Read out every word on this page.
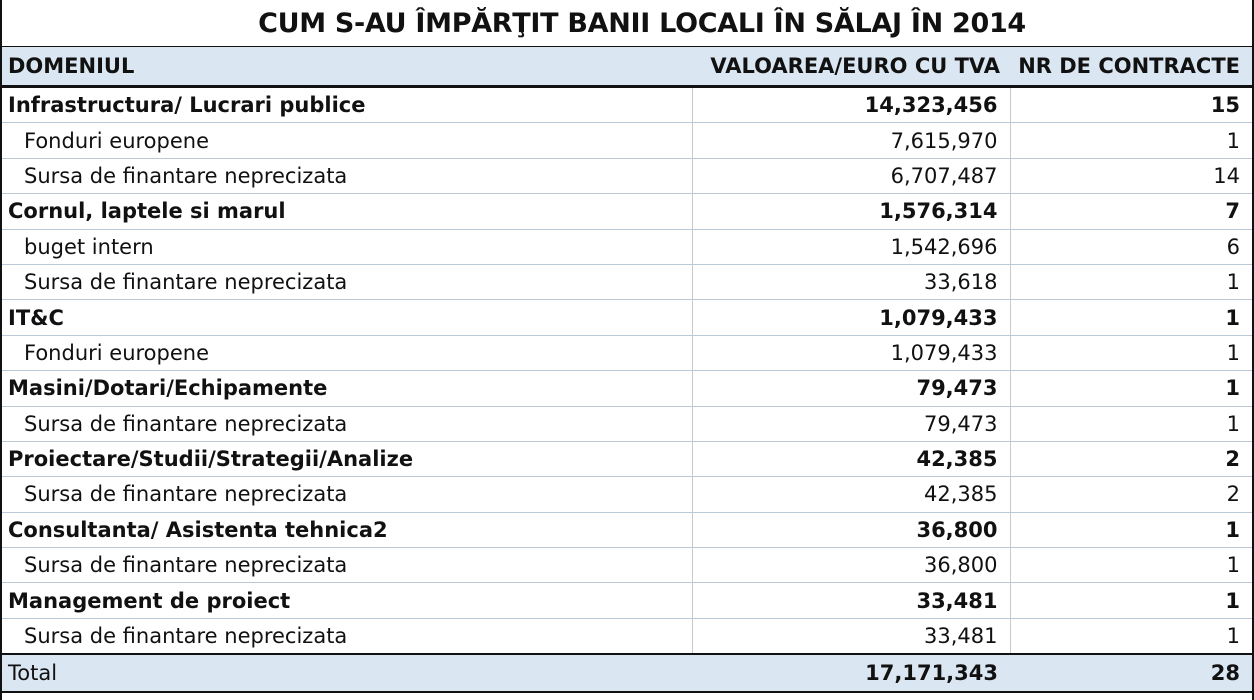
CUM S-AU ÎMPĂRŢIT BANII LOCALI ÎN SĂLAJ ÎN 2014
DOMENIUL	VALOAREA/EURO CU TVA	NR DE CONTRACTE
Infrastructura/ Lucrari publice	14,323,456	15
Fonduri europene	7,615,970	1
Sursa de finantare neprecizata	6,707,487	14
Cornul, laptele si marul	1,576,314	7
buget intern	1,542,696	6
Sursa de finantare neprecizata	33,618	1
IT&C	1,079,433	1
Fonduri europene	1,079,433	1
Masini/Dotari/Echipamente	79,473	1
Sursa de finantare neprecizata	79,473	1
Proiectare/Studii/Strategii/Analize	42,385	2
Sursa de finantare neprecizata	42,385	2
Consultanta/ Asistenta tehnica2	36,800	1
Sursa de finantare neprecizata	36,800	1
Management de proiect	33,481	1
Sursa de finantare neprecizata	33,481	1
Total	17,171,343	28
